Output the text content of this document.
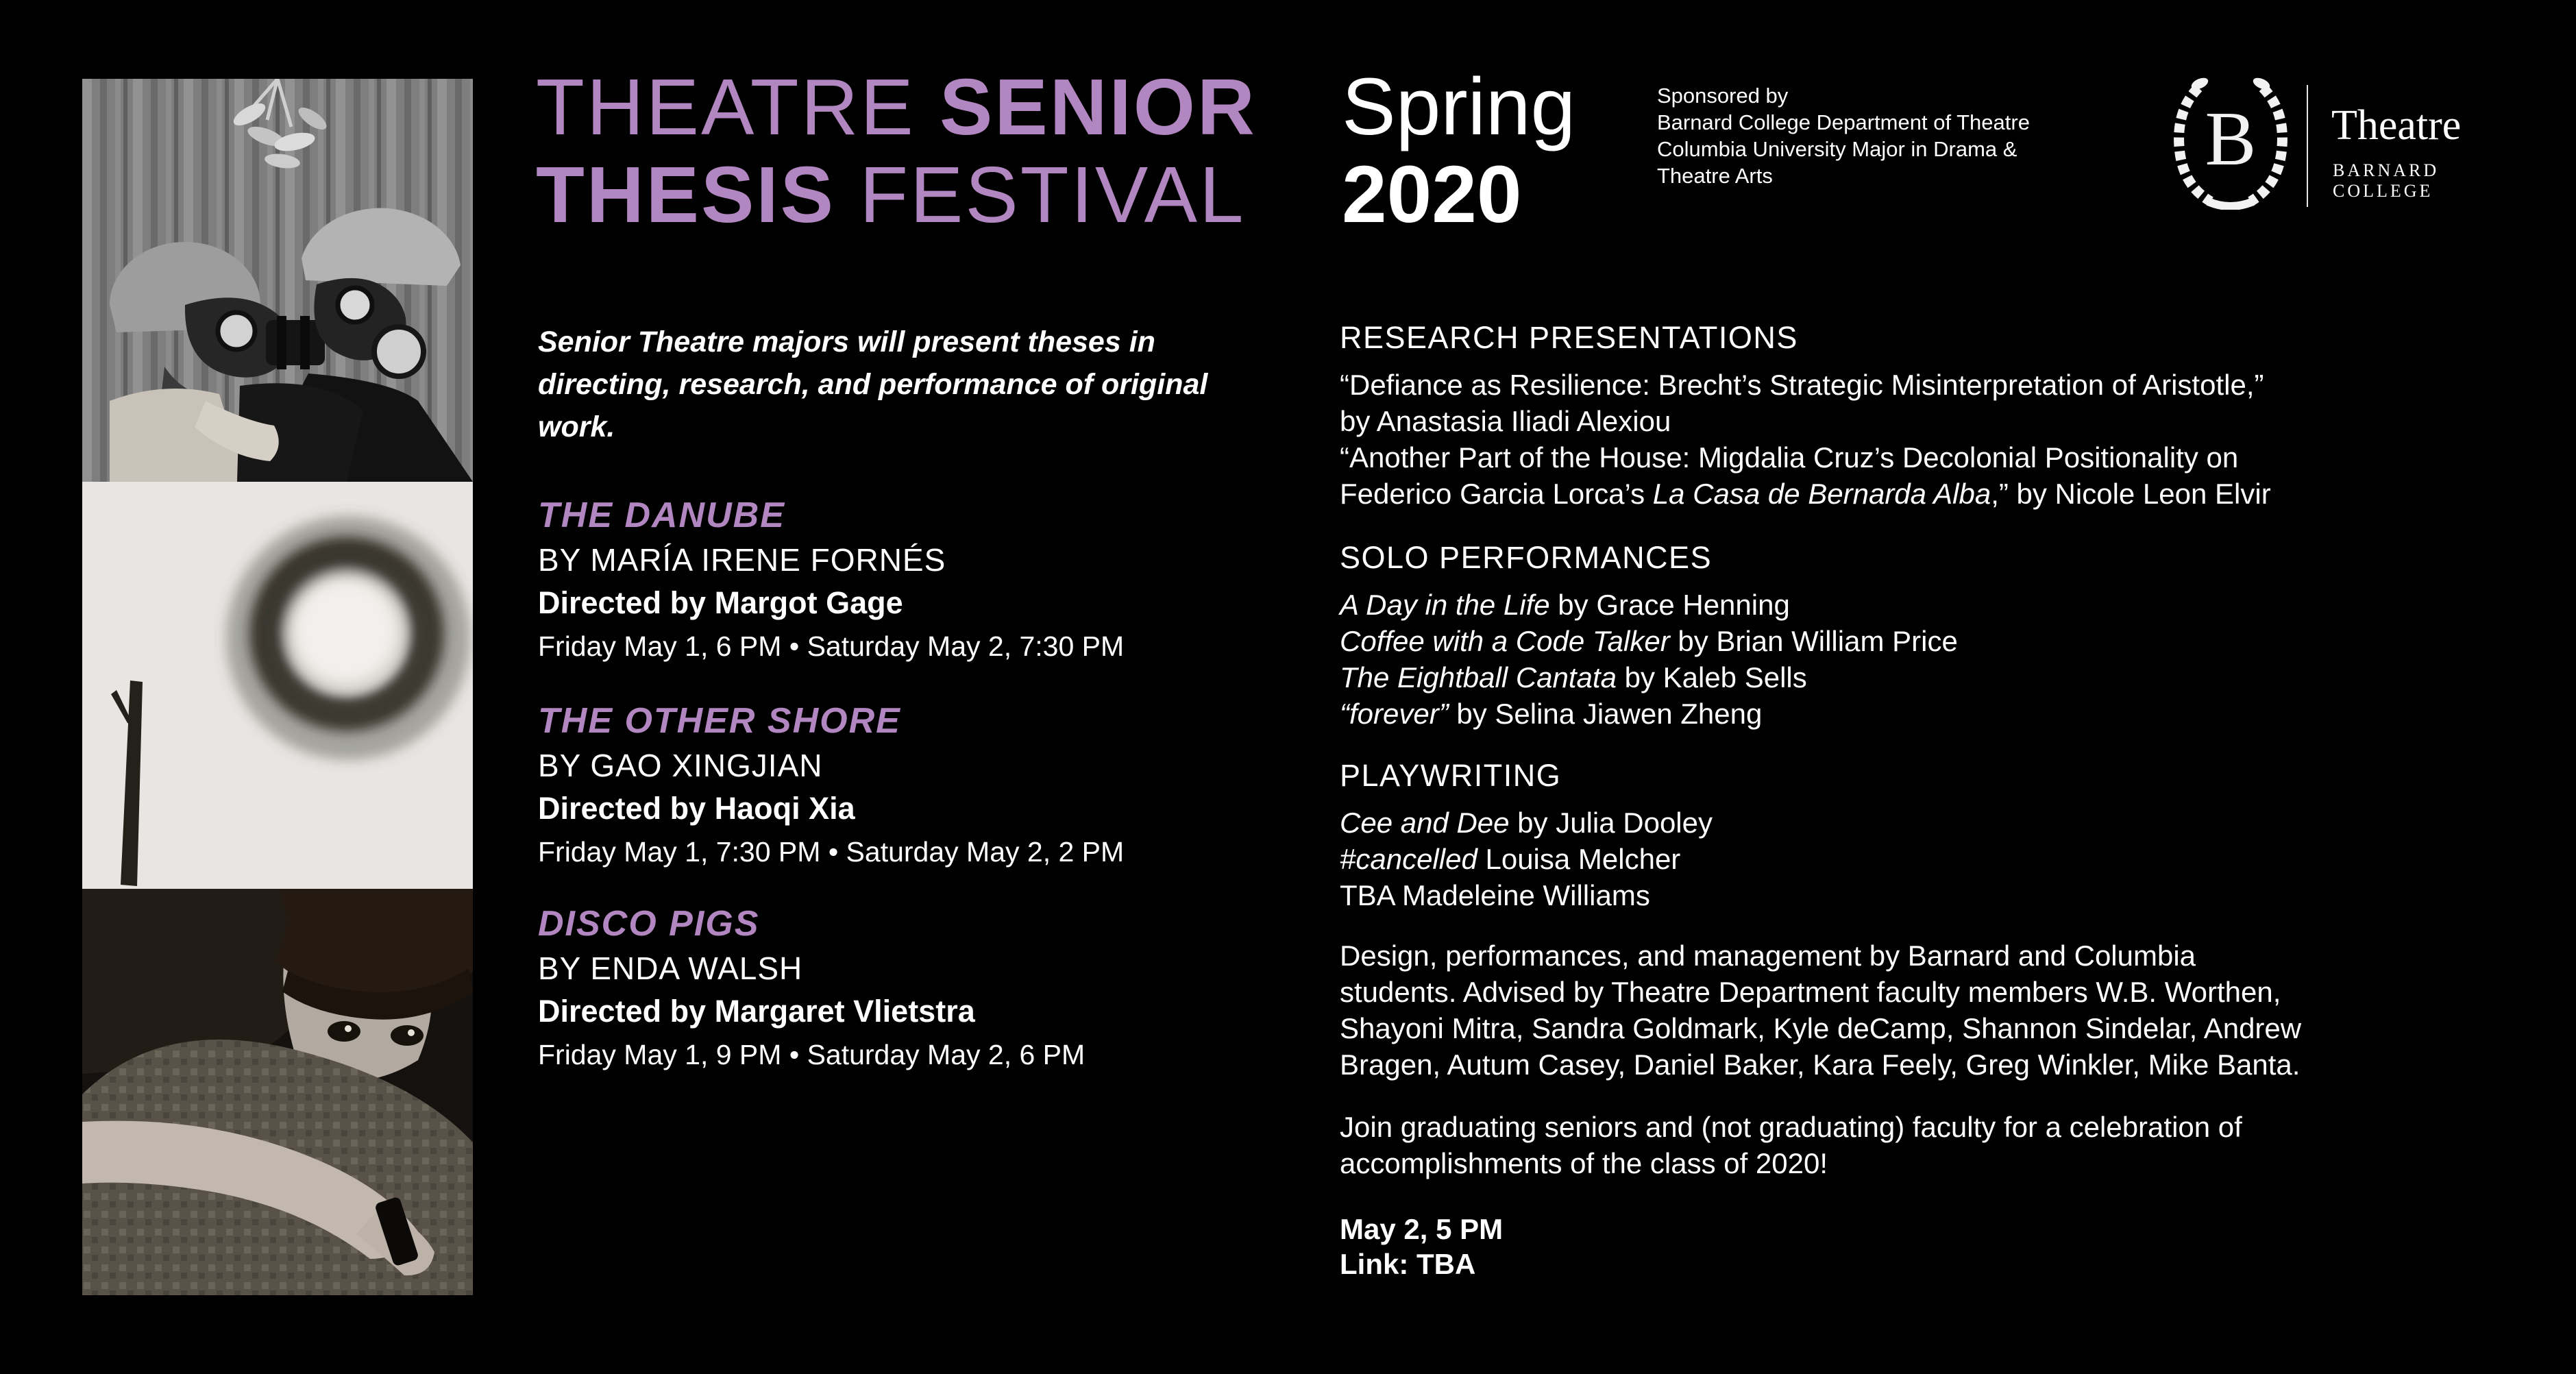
THEATRE SENIOR
THESIS FESTIVAL
Spring
2020
Sponsored by
Barnard College Department of Theatre
Columbia University Major in Drama &
Theatre Arts	B Theatre
BARNARD COLLEGE
Senior Theatre majors will present theses in
directing, research, and performance of original
work.
THE DANUBE
BY MARÍA IRENE FORNÉS
Directed by Margot Gage
Friday May 1, 6 PM • Saturday May 2, 7:30 PM
THE OTHER SHORE
BY GAO XINGJIAN
Directed by Haoqi Xia
Friday May 1, 7:30 PM • Saturday May 2, 2 PM
DISCO PIGS
BY ENDA WALSH
Directed by Margaret Vlietstra
Friday May 1, 9 PM • Saturday May 2, 6 PM
RESEARCH PRESENTATIONS
“Defiance as Resilience: Brecht’s Strategic Misinterpretation of Aristotle,”
by Anastasia Iliadi Alexiou
“Another Part of the House: Migdalia Cruz’s Decolonial Positionality on
Federico Garcia Lorca’s La Casa de Bernarda Alba,” by Nicole Leon Elvir
SOLO PERFORMANCES
A Day in the Life by Grace Henning
Coffee with a Code Talker by Brian William Price
The Eightball Cantata by Kaleb Sells
“forever” by Selina Jiawen Zheng
PLAYWRITING
Cee and Dee by Julia Dooley
#cancelled Louisa Melcher
TBA Madeleine Williams
Design, performances, and management by Barnard and Columbia
students. Advised by Theatre Department faculty members W.B. Worthen,
Shayoni Mitra, Sandra Goldmark, Kyle deCamp, Shannon Sindelar, Andrew
Bragen, Autum Casey, Daniel Baker, Kara Feely, Greg Winkler, Mike Banta.
Join graduating seniors and (not graduating) faculty for a celebration of
accomplishments of the class of 2020!
May 2, 5 PM
Link: TBA
